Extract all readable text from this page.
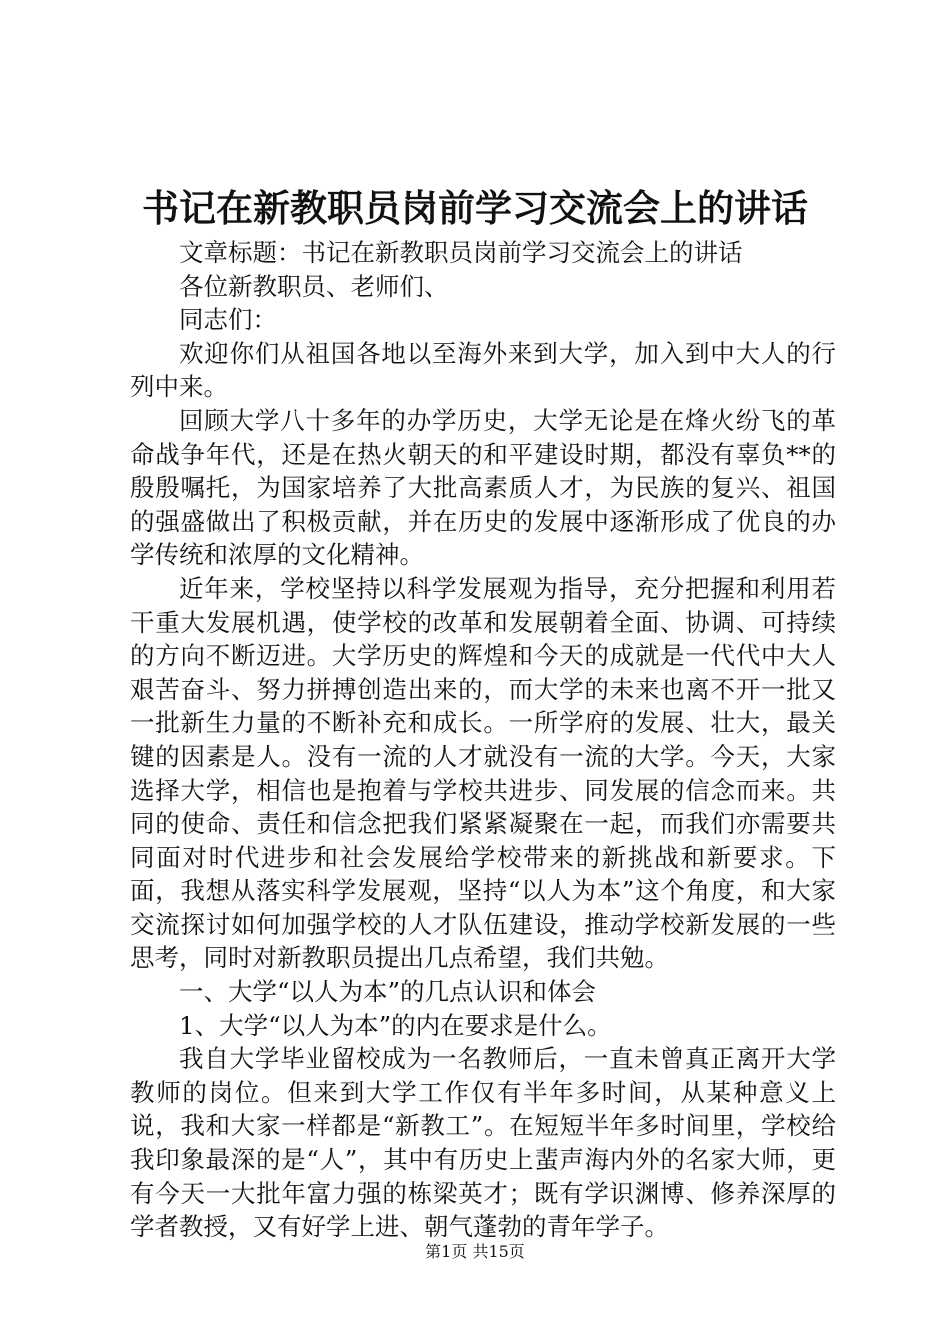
书记在新教职员岗前学习交流会上的讲话

文章标题：书记在新教职员岗前学习交流会上的讲话

各位新教职员、老师们、

同志们：

欢迎你们从祖国各地以至海外来到大学，加入到中大人的行列中来。

回顾大学八十多年的办学历史，大学无论是在烽火纷飞的革命战争年代，还是在热火朝天的和平建设时期，都没有辜负**的殷殷嘱托，为国家培养了大批高素质人才，为民族的复兴、祖国的强盛做出了积极贡献，并在历史的发展中逐渐形成了优良的办学传统和浓厚的文化精神。

近年来，学校坚持以科学发展观为指导，充分把握和利用若干重大发展机遇，使学校的改革和发展朝着全面、协调、可持续的方向不断迈进。大学历史的辉煌和今天的成就是一代代中大人艰苦奋斗、努力拼搏创造出来的，而大学的未来也离不开一批又一批新生力量的不断补充和成长。一所学府的发展、壮大，最关键的因素是人。没有一流的人才就没有一流的大学。今天，大家选择大学，相信也是抱着与学校共进步、同发展的信念而来。共同的使命、责任和信念把我们紧紧凝聚在一起，而我们亦需要共同面对时代进步和社会发展给学校带来的新挑战和新要求。下面，我想从落实科学发展观，坚持“以人为本”这个角度，和大家交流探讨如何加强学校的人才队伍建设，推动学校新发展的一些思考，同时对新教职员提出几点希望，我们共勉。

一、大学“以人为本”的几点认识和体会

1、大学“以人为本”的内在要求是什么。

我自大学毕业留校成为一名教师后，一直未曾真正离开大学教师的岗位。但来到大学工作仅有半年多时间，从某种意义上说，我和大家一样都是“新教工”。在短短半年多时间里，学校给我印象最深的是“人”，其中有历史上蜚声海内外的名家大师，更有今天一大批年富力强的栋梁英才；既有学识渊博、修养深厚的学者教授，又有好学上进、朝气蓬勃的青年学子。

第1页 共15页
